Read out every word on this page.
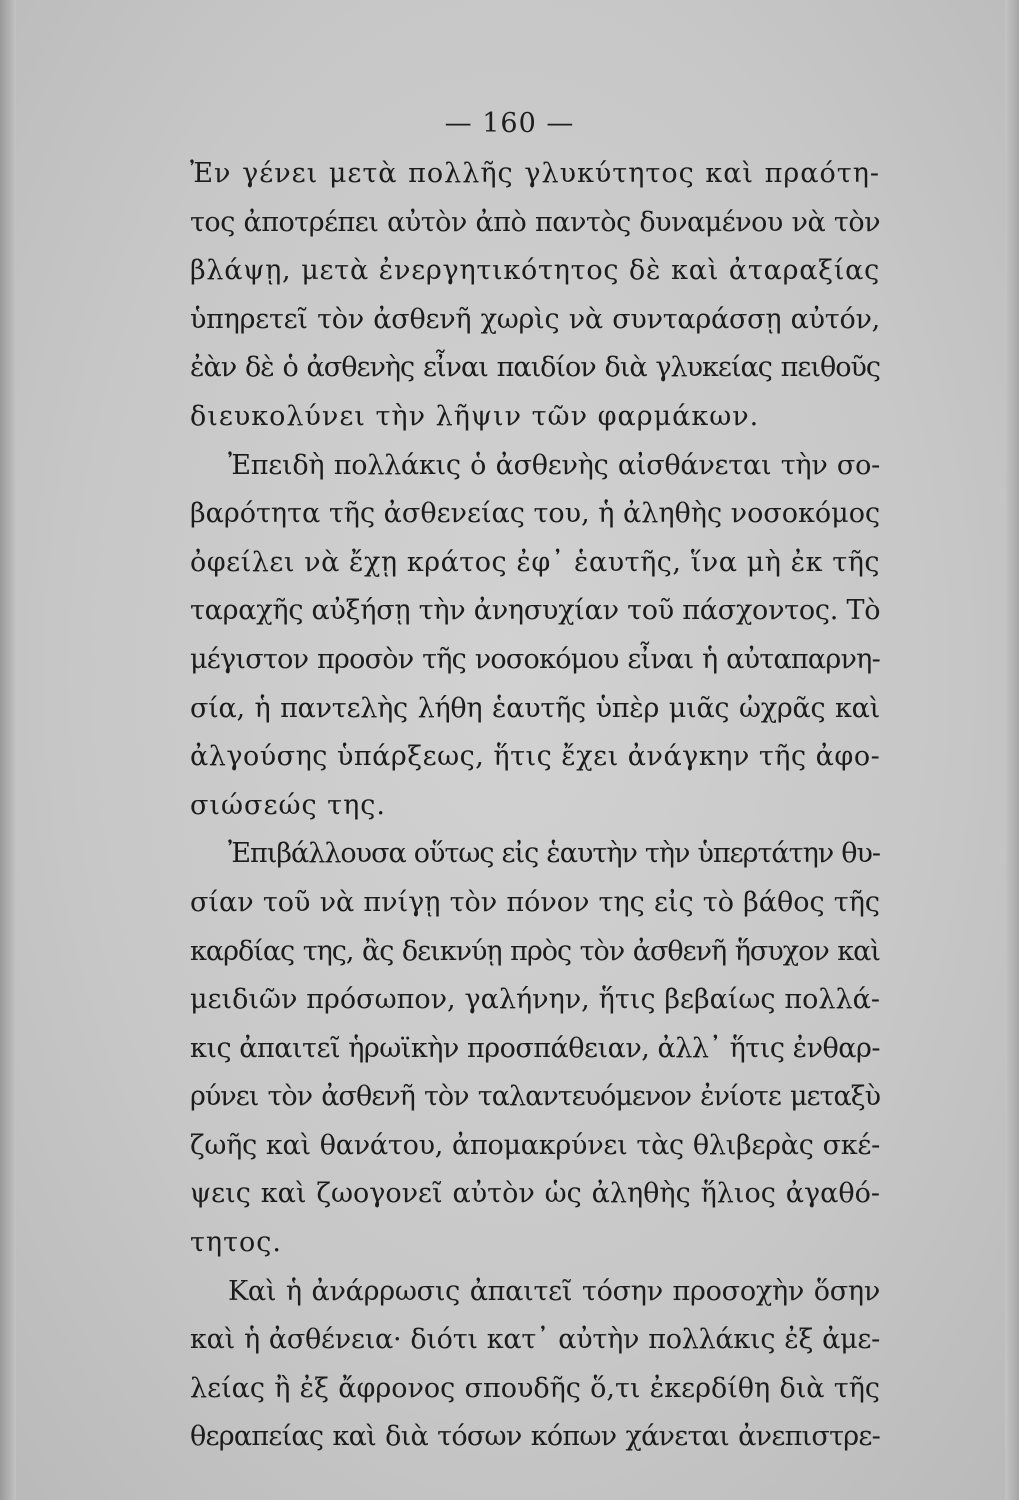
— 160 —
Ἐν γένει μετὰ πολλῆς γλυκύτητος καὶ πραότη-
τος ἀποτρέπει αὐτὸν ἀπὸ παντὸς δυναμένου νὰ τὸν
βλάψῃ, μετὰ ἐνεργητικότητος δὲ καὶ ἀταραξίας
ὑπηρετεῖ τὸν ἀσθενῆ χωρὶς νὰ συνταράσσῃ αὐτόν,
ἐὰν δὲ ὁ ἀσθενὴς εἶναι παιδίον διὰ γλυκείας πειθοῦς
διευκολύνει τὴν λῆψιν τῶν φαρμάκων.
Ἐπειδὴ πολλάκις ὁ ἀσθενὴς αἰσθάνεται τὴν σο-
βαρότητα τῆς ἀσθενείας του, ἡ ἀληθὴς νοσοκόμος
ὀφείλει νὰ ἔχῃ κράτος ἐφ᾿ ἑαυτῆς, ἵνα μὴ ἐκ τῆς
ταραχῆς αὐξήσῃ τὴν ἀνησυχίαν τοῦ πάσχοντος. Τὸ
μέγιστον προσὸν τῆς νοσοκόμου εἶναι ἡ αὐταπαρνη-
σία, ἡ παντελὴς λήθη ἑαυτῆς ὑπὲρ μιᾶς ὠχρᾶς καὶ
ἀλγούσης ὑπάρξεως, ἥτις ἔχει ἀνάγκην τῆς ἀφο-
σιώσεώς της.
Ἐπιβάλλουσα οὕτως εἰς ἑαυτὴν τὴν ὑπερτάτην θυ-
σίαν τοῦ νὰ πνίγῃ τὸν πόνον της εἰς τὸ βάθος τῆς
καρδίας της, ἂς δεικνύῃ πρὸς τὸν ἀσθενῆ ἥσυχον καὶ
μειδιῶν πρόσωπον, γαλήνην, ἥτις βεβαίως πολλά-
κις ἀπαιτεῖ ἡρωϊκὴν προσπάθειαν, ἀλλ᾿ ἥτις ἐνθαρ-
ρύνει τὸν ἀσθενῆ τὸν ταλαντευόμενον ἐνίοτε μεταξὺ
ζωῆς καὶ θανάτου, ἀπομακρύνει τὰς θλιβερὰς σκέ-
ψεις καὶ ζωογονεῖ αὐτὸν ὡς ἀληθὴς ἥλιος ἀγαθό-
τητος.
Καὶ ἡ ἀνάρρωσις ἀπαιτεῖ τόσην προσοχὴν ὅσην
καὶ ἡ ἀσθένεια· διότι κατ᾿ αὐτὴν πολλάκις ἐξ ἀμε-
λείας ἢ ἐξ ἄφρονος σπουδῆς ὅ,τι ἐκερδίθη διὰ τῆς
θεραπείας καὶ διὰ τόσων κόπων χάνεται ἀνεπιστρε-
